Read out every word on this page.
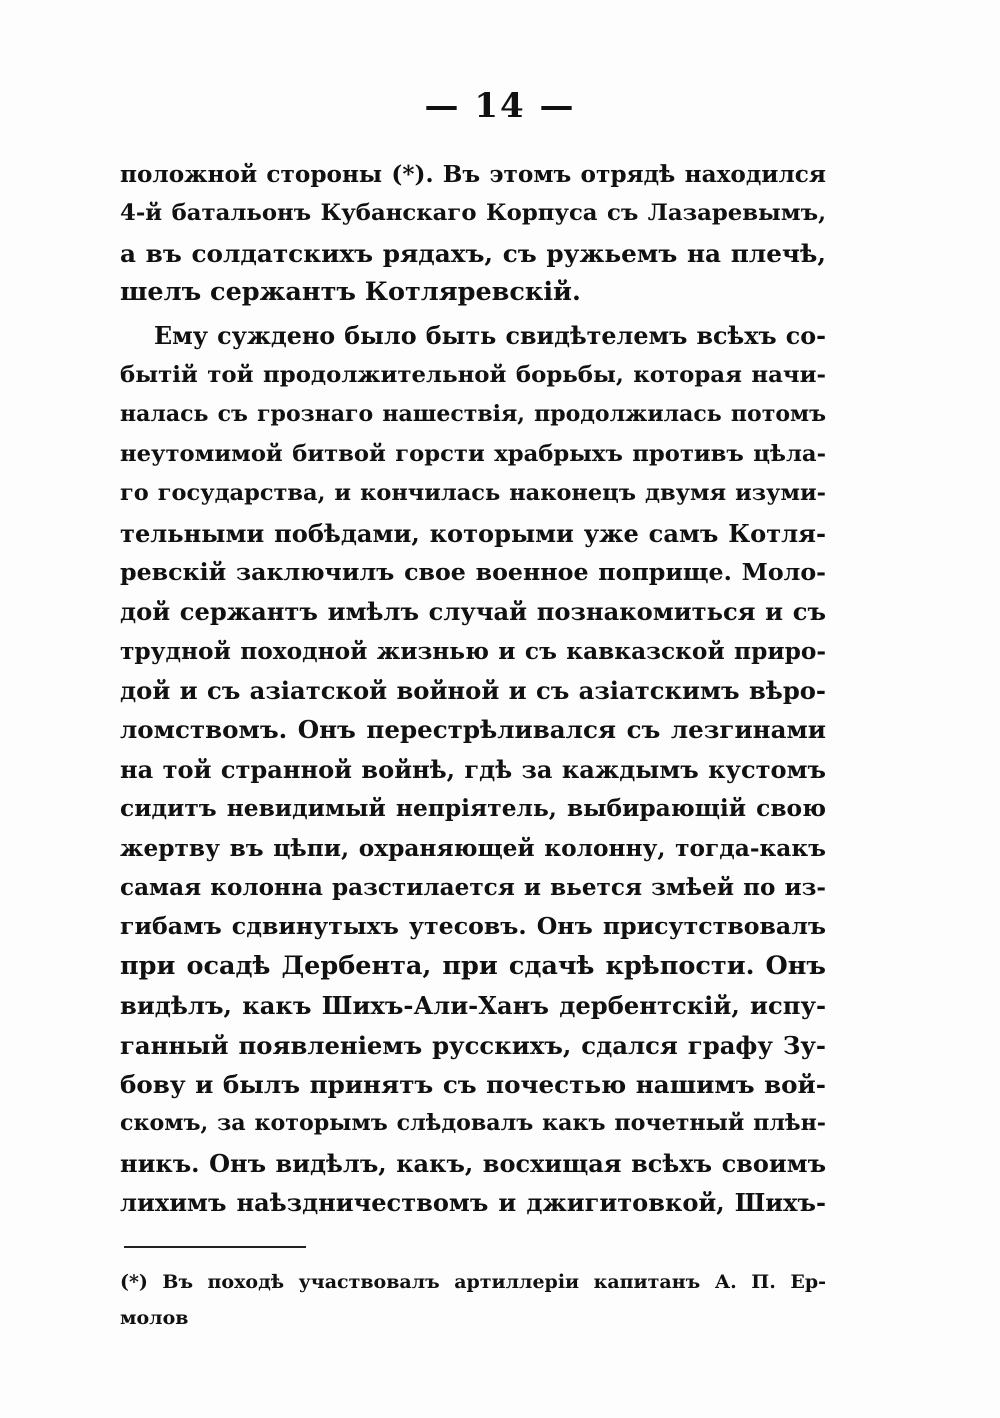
— 14 —
положной стороны (*). Въ этомъ отрядѣ находился
4-й батальонъ Кубанскаго Корпуса съ Лазаревымъ,
а въ солдатскихъ рядахъ, съ ружьемъ на плечѣ,
шелъ сержантъ Котляревскій.
Ему суждено было быть свидѣтелемъ всѣхъ со-
бытій той продолжительной борьбы, которая начи-
налась съ грознаго нашествія, продолжилась потомъ
неутомимой битвой горсти храбрыхъ противъ цѣла-
го государства, и кончилась наконецъ двумя изуми-
тельными побѣдами, которыми уже самъ Котля-
ревскій заключилъ свое военное поприще. Моло-
дой сержантъ имѣлъ случай познакомиться и съ
трудной походной жизнью и съ кавказской приро-
дой и съ азіатской войной и съ азіатскимъ вѣро-
ломствомъ. Онъ перестрѣливался съ лезгинами
на той странной войнѣ, гдѣ за каждымъ кустомъ
сидитъ невидимый непріятель, выбирающій свою
жертву въ цѣпи, охраняющей колонну, тогда-какъ
самая колонна разстилается и вьется змѣей по из-
гибамъ сдвинутыхъ утесовъ. Онъ присутствовалъ
при осадѣ Дербента, при сдачѣ крѣпости. Онъ
видѣлъ, какъ Шихъ-Али-Ханъ дербентскій, испу-
ганный появленіемъ русскихъ, сдался графу Зу-
бову и былъ принятъ съ почестью нашимъ вой-
скомъ, за которымъ слѣдовалъ какъ почетный плѣн-
никъ. Онъ видѣлъ, какъ, восхищая всѣхъ своимъ
лихимъ наѣздничествомъ и джигитовкой, Шихъ-
(*) Въ походѣ участвовалъ артиллеріи капитанъ А. П. Ер-
молов
